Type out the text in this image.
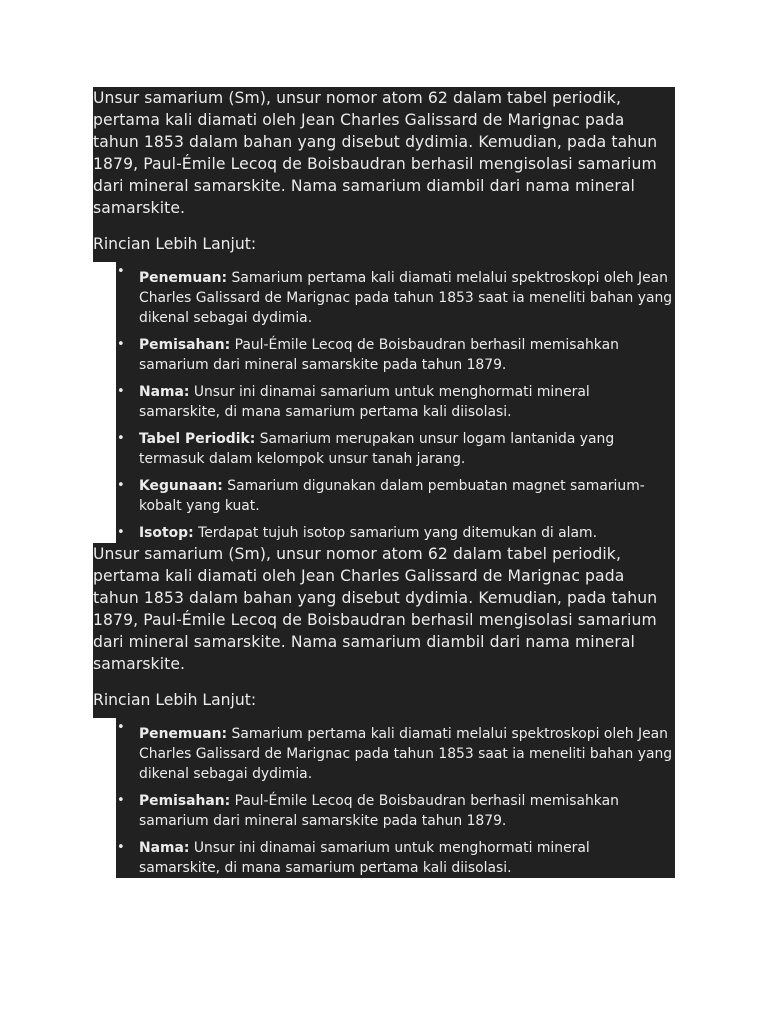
Unsur samarium (Sm), unsur nomor atom 62 dalam tabel periodik, pertama kali diamati oleh Jean Charles Galissard de Marignac pada tahun 1853 dalam bahan yang disebut dydimia. Kemudian, pada tahun 1879, Paul-Émile Lecoq de Boisbaudran berhasil mengisolasi samarium dari mineral samarskite. Nama samarium diambil dari nama mineral samarskite.

Rincian Lebih Lanjut:

• Penemuan: Samarium pertama kali diamati melalui spektroskopi oleh Jean Charles Galissard de Marignac pada tahun 1853 saat ia meneliti bahan yang dikenal sebagai dydimia.
• Pemisahan: Paul-Émile Lecoq de Boisbaudran berhasil memisahkan samarium dari mineral samarskite pada tahun 1879.
• Nama: Unsur ini dinamai samarium untuk menghormati mineral samarskite, di mana samarium pertama kali diisolasi.
• Tabel Periodik: Samarium merupakan unsur logam lantanida yang termasuk dalam kelompok unsur tanah jarang.
• Kegunaan: Samarium digunakan dalam pembuatan magnet samarium-kobalt yang kuat.
• Isotop: Terdapat tujuh isotop samarium yang ditemukan di alam.

Unsur samarium (Sm), unsur nomor atom 62 dalam tabel periodik, pertama kali diamati oleh Jean Charles Galissard de Marignac pada tahun 1853 dalam bahan yang disebut dydimia. Kemudian, pada tahun 1879, Paul-Émile Lecoq de Boisbaudran berhasil mengisolasi samarium dari mineral samarskite. Nama samarium diambil dari nama mineral samarskite.

Rincian Lebih Lanjut:

• Penemuan: Samarium pertama kali diamati melalui spektroskopi oleh Jean Charles Galissard de Marignac pada tahun 1853 saat ia meneliti bahan yang dikenal sebagai dydimia.
• Pemisahan: Paul-Émile Lecoq de Boisbaudran berhasil memisahkan samarium dari mineral samarskite pada tahun 1879.
• Nama: Unsur ini dinamai samarium untuk menghormati mineral samarskite, di mana samarium pertama kali diisolasi.
